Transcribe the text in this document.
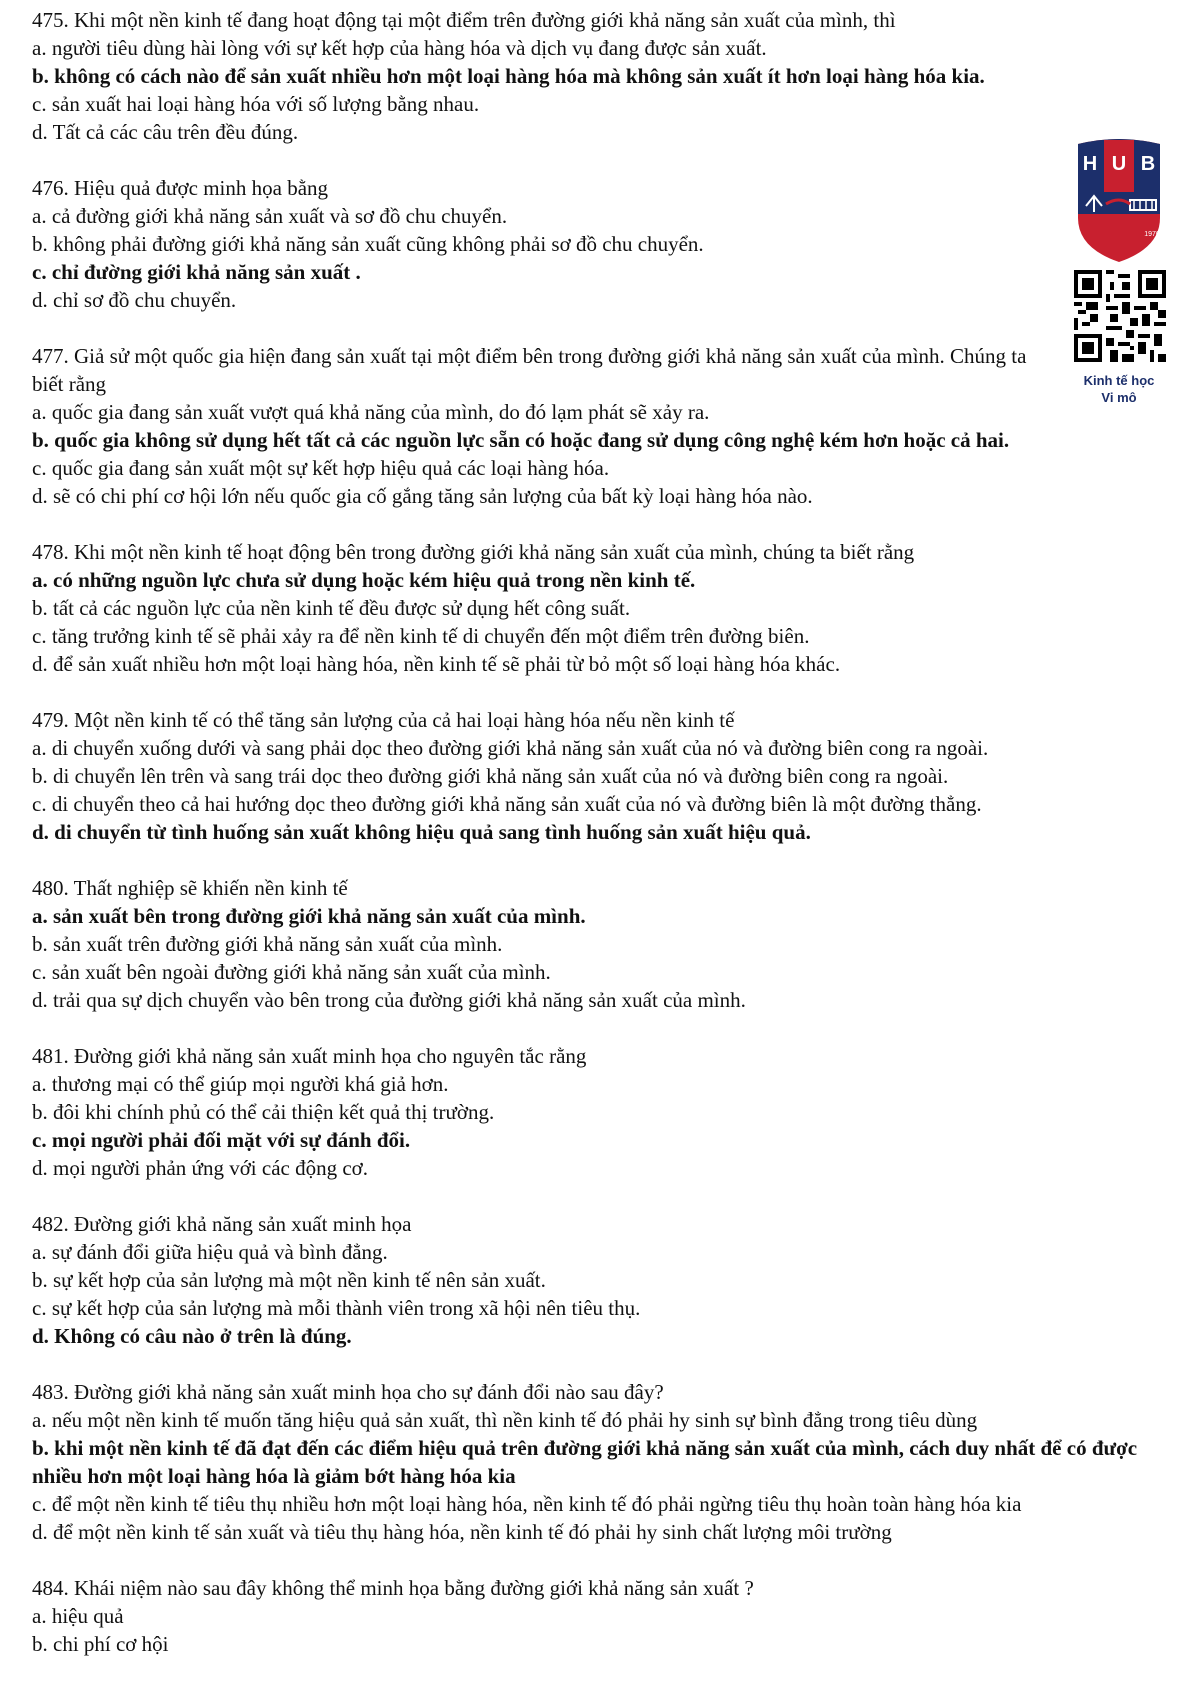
H U B
1976
Kinh tế học
Vi mô
475. Khi một nền kinh tế đang hoạt động tại một điểm trên đường giới khả năng sản xuất của mình, thì
a. người tiêu dùng hài lòng với sự kết hợp của hàng hóa và dịch vụ đang được sản xuất.
b. không có cách nào để sản xuất nhiều hơn một loại hàng hóa mà không sản xuất ít hơn loại hàng hóa kia.
c. sản xuất hai loại hàng hóa với số lượng bằng nhau.
d. Tất cả các câu trên đều đúng.
476. Hiệu quả được minh họa bằng
a. cả đường giới khả năng sản xuất và sơ đồ chu chuyển.
b. không phải đường giới khả năng sản xuất cũng không phải sơ đồ chu chuyển.
c. chỉ đường giới khả năng sản xuất .
d. chỉ sơ đồ chu chuyển.
477. Giả sử một quốc gia hiện đang sản xuất tại một điểm bên trong đường giới khả năng sản xuất của mình. Chúng ta biết rằng
a. quốc gia đang sản xuất vượt quá khả năng của mình, do đó lạm phát sẽ xảy ra.
b. quốc gia không sử dụng hết tất cả các nguồn lực sẵn có hoặc đang sử dụng công nghệ kém hơn hoặc cả hai.
c. quốc gia đang sản xuất một sự kết hợp hiệu quả các loại hàng hóa.
d. sẽ có chi phí cơ hội lớn nếu quốc gia cố gắng tăng sản lượng của bất kỳ loại hàng hóa nào.
478. Khi một nền kinh tế hoạt động bên trong đường giới khả năng sản xuất của mình, chúng ta biết rằng
a. có những nguồn lực chưa sử dụng hoặc kém hiệu quả trong nền kinh tế.
b. tất cả các nguồn lực của nền kinh tế đều được sử dụng hết công suất.
c. tăng trưởng kinh tế sẽ phải xảy ra để nền kinh tế di chuyển đến một điểm trên đường biên.
d. để sản xuất nhiều hơn một loại hàng hóa, nền kinh tế sẽ phải từ bỏ một số loại hàng hóa khác.
479. Một nền kinh tế có thể tăng sản lượng của cả hai loại hàng hóa nếu nền kinh tế
a. di chuyển xuống dưới và sang phải dọc theo đường giới khả năng sản xuất của nó và đường biên cong ra ngoài.
b. di chuyển lên trên và sang trái dọc theo đường giới khả năng sản xuất của nó và đường biên cong ra ngoài.
c. di chuyển theo cả hai hướng dọc theo đường giới khả năng sản xuất của nó và đường biên là một đường thẳng.
d. di chuyển từ tình huống sản xuất không hiệu quả sang tình huống sản xuất hiệu quả.
480. Thất nghiệp sẽ khiến nền kinh tế
a. sản xuất bên trong đường giới khả năng sản xuất của mình.
b. sản xuất trên đường giới khả năng sản xuất của mình.
c. sản xuất bên ngoài đường giới khả năng sản xuất của mình.
d. trải qua sự dịch chuyển vào bên trong của đường giới khả năng sản xuất của mình.
481. Đường giới khả năng sản xuất minh họa cho nguyên tắc rằng
a. thương mại có thể giúp mọi người khá giả hơn.
b. đôi khi chính phủ có thể cải thiện kết quả thị trường.
c. mọi người phải đối mặt với sự đánh đổi.
d. mọi người phản ứng với các động cơ.
482. Đường giới khả năng sản xuất minh họa
a. sự đánh đổi giữa hiệu quả và bình đẳng.
b. sự kết hợp của sản lượng mà một nền kinh tế nên sản xuất.
c. sự kết hợp của sản lượng mà mỗi thành viên trong xã hội nên tiêu thụ.
d. Không có câu nào ở trên là đúng.
483. Đường giới khả năng sản xuất minh họa cho sự đánh đổi nào sau đây?
a. nếu một nền kinh tế muốn tăng hiệu quả sản xuất, thì nền kinh tế đó phải hy sinh sự bình đẳng trong tiêu dùng
b. khi một nền kinh tế đã đạt đến các điểm hiệu quả trên đường giới khả năng sản xuất của mình, cách duy nhất để có được nhiều hơn một loại hàng hóa là giảm bớt hàng hóa kia
c. để một nền kinh tế tiêu thụ nhiều hơn một loại hàng hóa, nền kinh tế đó phải ngừng tiêu thụ hoàn toàn hàng hóa kia
d. để một nền kinh tế sản xuất và tiêu thụ hàng hóa, nền kinh tế đó phải hy sinh chất lượng môi trường
484. Khái niệm nào sau đây không thể minh họa bằng đường giới khả năng sản xuất ?
a. hiệu quả
b. chi phí cơ hội
